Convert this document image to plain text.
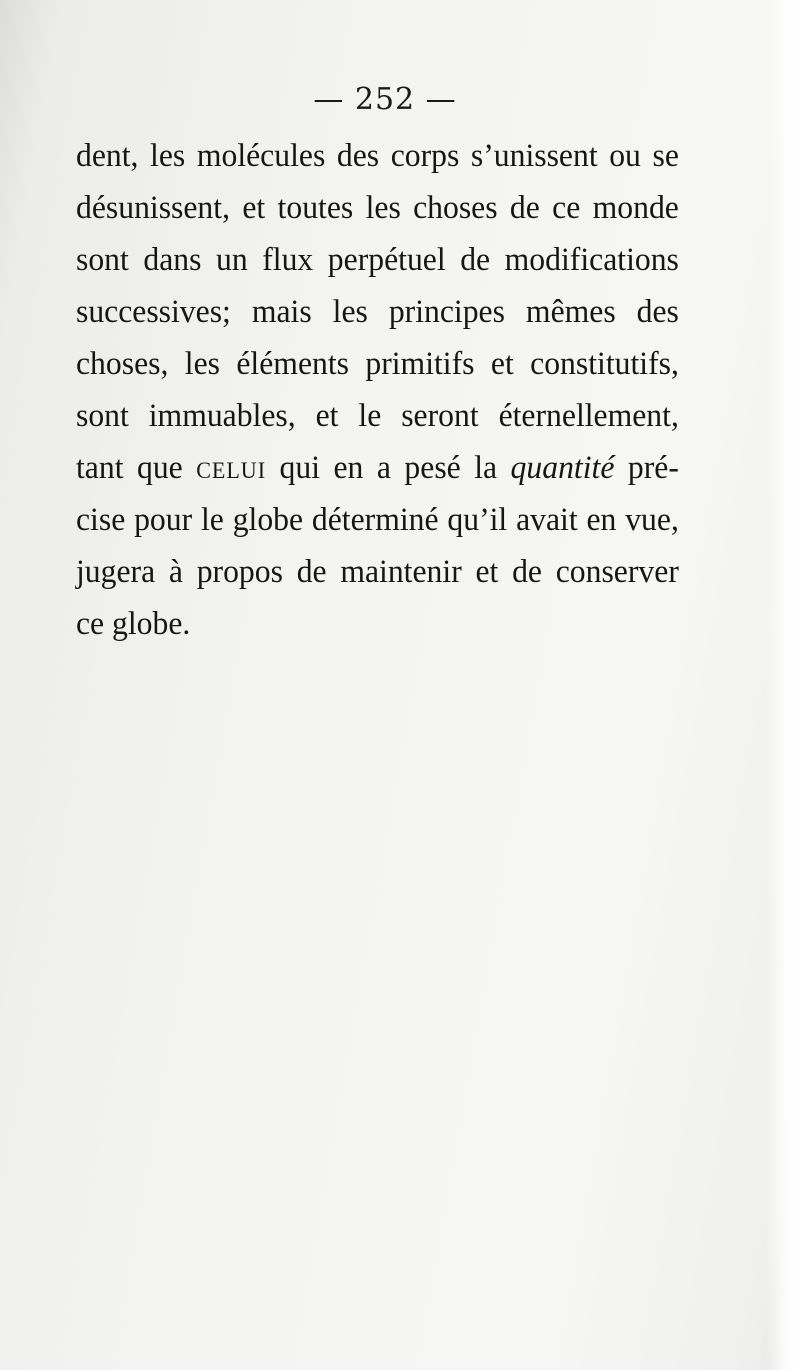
— 252 —
dent, les molécules des corps s’unissent ou se
désunissent, et toutes les choses de ce monde
sont dans un flux perpétuel de modifications
successives; mais les principes mêmes des
choses, les éléments primitifs et constitutifs,
sont immuables, et le seront éternellement,
tant que celui qui en a pesé la quantité pré-
cise pour le globe déterminé qu’il avait en vue,
jugera à propos de maintenir et de conserver
ce globe.
